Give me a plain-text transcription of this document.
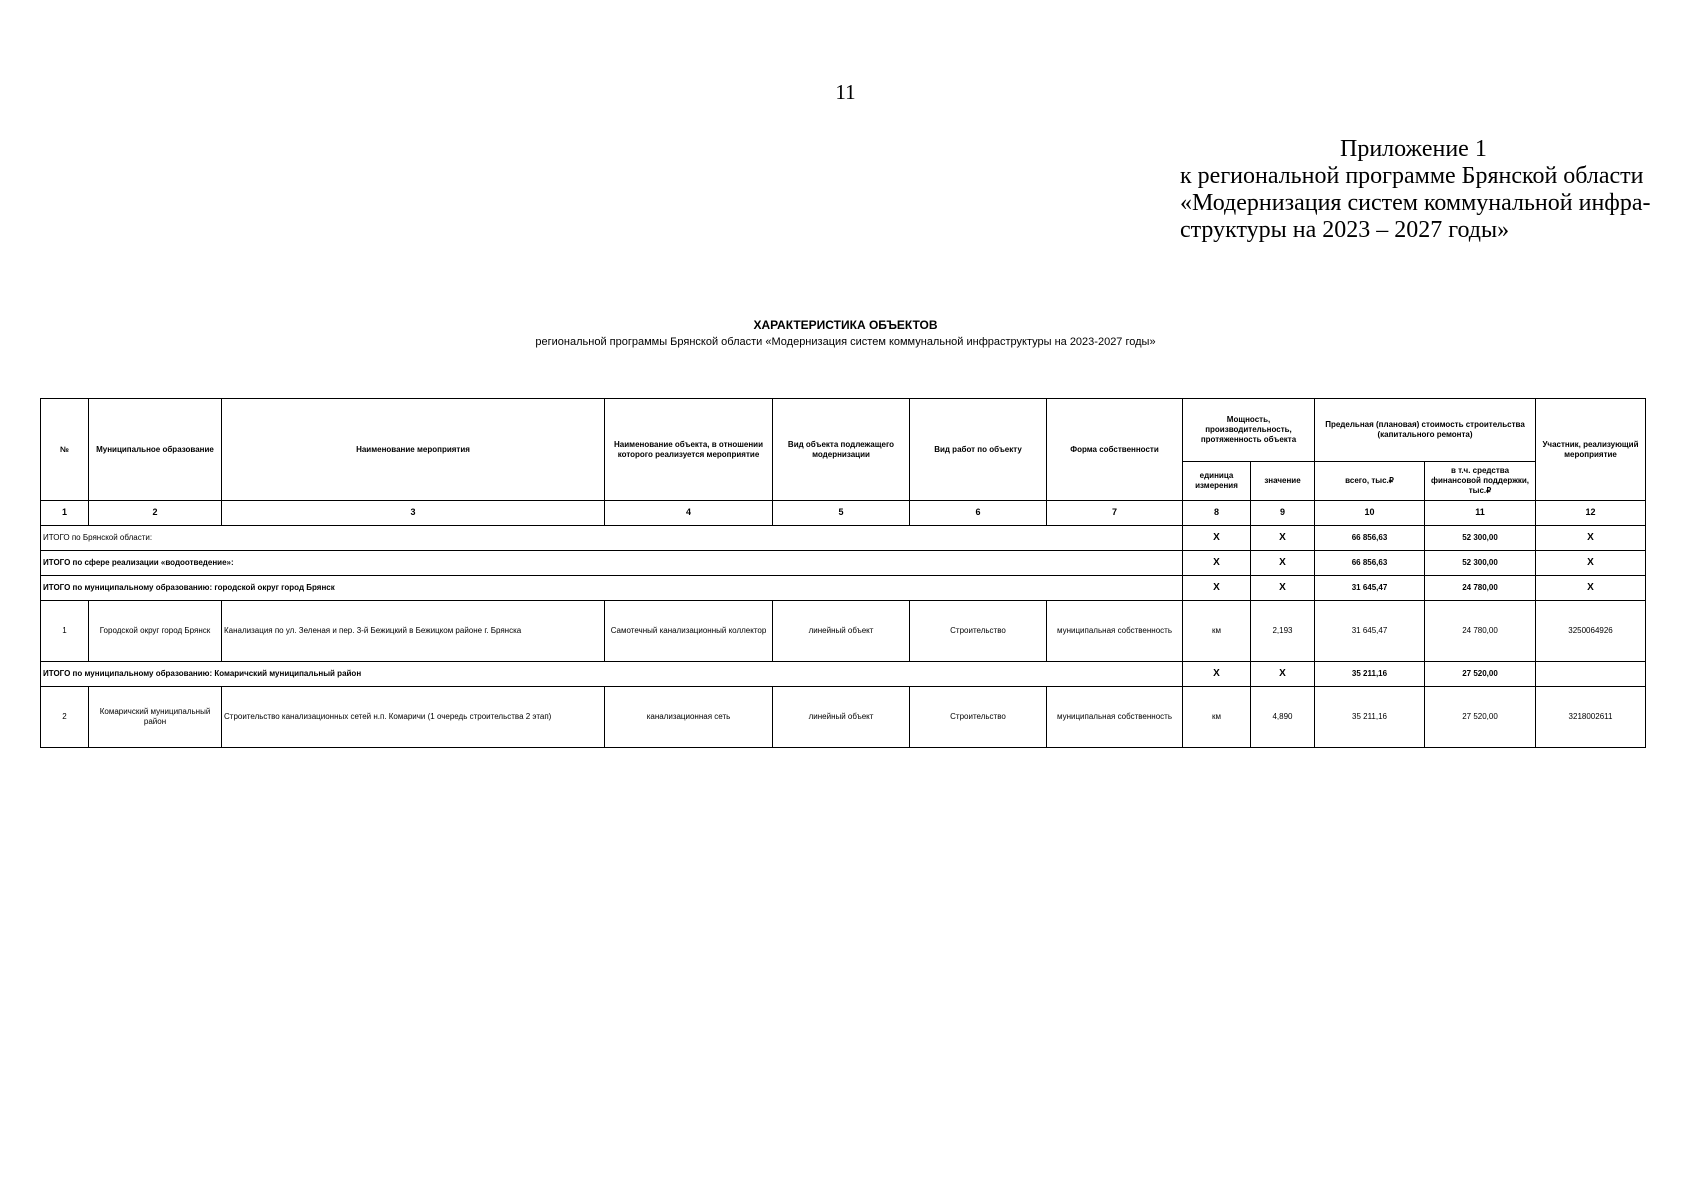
11
Приложение 1
к региональной программе Брянской области
«Модернизация систем коммунальной инфра-
структуры на 2023 – 2027 годы»
ХАРАКТЕРИСТИКА ОБЪЕКТОВ
региональной программы Брянской области «Модернизация систем коммунальной инфраструктуры на 2023-2027 годы»
№	Муниципальное образование	Наименование мероприятия	Наименование объекта, в отношении которого реализуется мероприятие	Вид объекта подлежащего модернизации	Вид работ по объекту	Форма собственности	Мощность, производительность, протяженность объекта		Предельная (плановая) стоимость строительства (капитального ремонта)		Участник, реализующий мероприятие
							единица измерения	значение	всего, тыс.₽	в т.ч. средства финансовой поддержки, тыс.₽	
1	2	3	4	5	6	7	8	9	10	11	12
ИТОГО по Брянской области:							X	X	66 856,63	52 300,00	X
ИТОГО по сфере реализации «водоотведение»:							X	X	66 856,63	52 300,00	X
ИТОГО по муниципальному образованию: городской округ город Брянск							X	X	31 645,47	24 780,00	X
1	Городской округ город Брянск	Канализация по ул. Зеленая и пер. 3-й Бежицкий в Бежицком районе г. Брянска	Самотечный канализационный коллектор	линейный объект	Строительство	муниципальная собственность	км	2,193	31 645,47	24 780,00	3250064926
ИТОГО по муниципальному образованию: Комаричский муниципальный район							X	X	35 211,16	27 520,00	
2	Комаричский муниципальный район	Строительство канализационных сетей н.п. Комаричи (1 очередь строительства 2 этап)	канализационная сеть	линейный объект	Строительство	муниципальная собственность	км	4,890	35 211,16	27 520,00	3218002611
